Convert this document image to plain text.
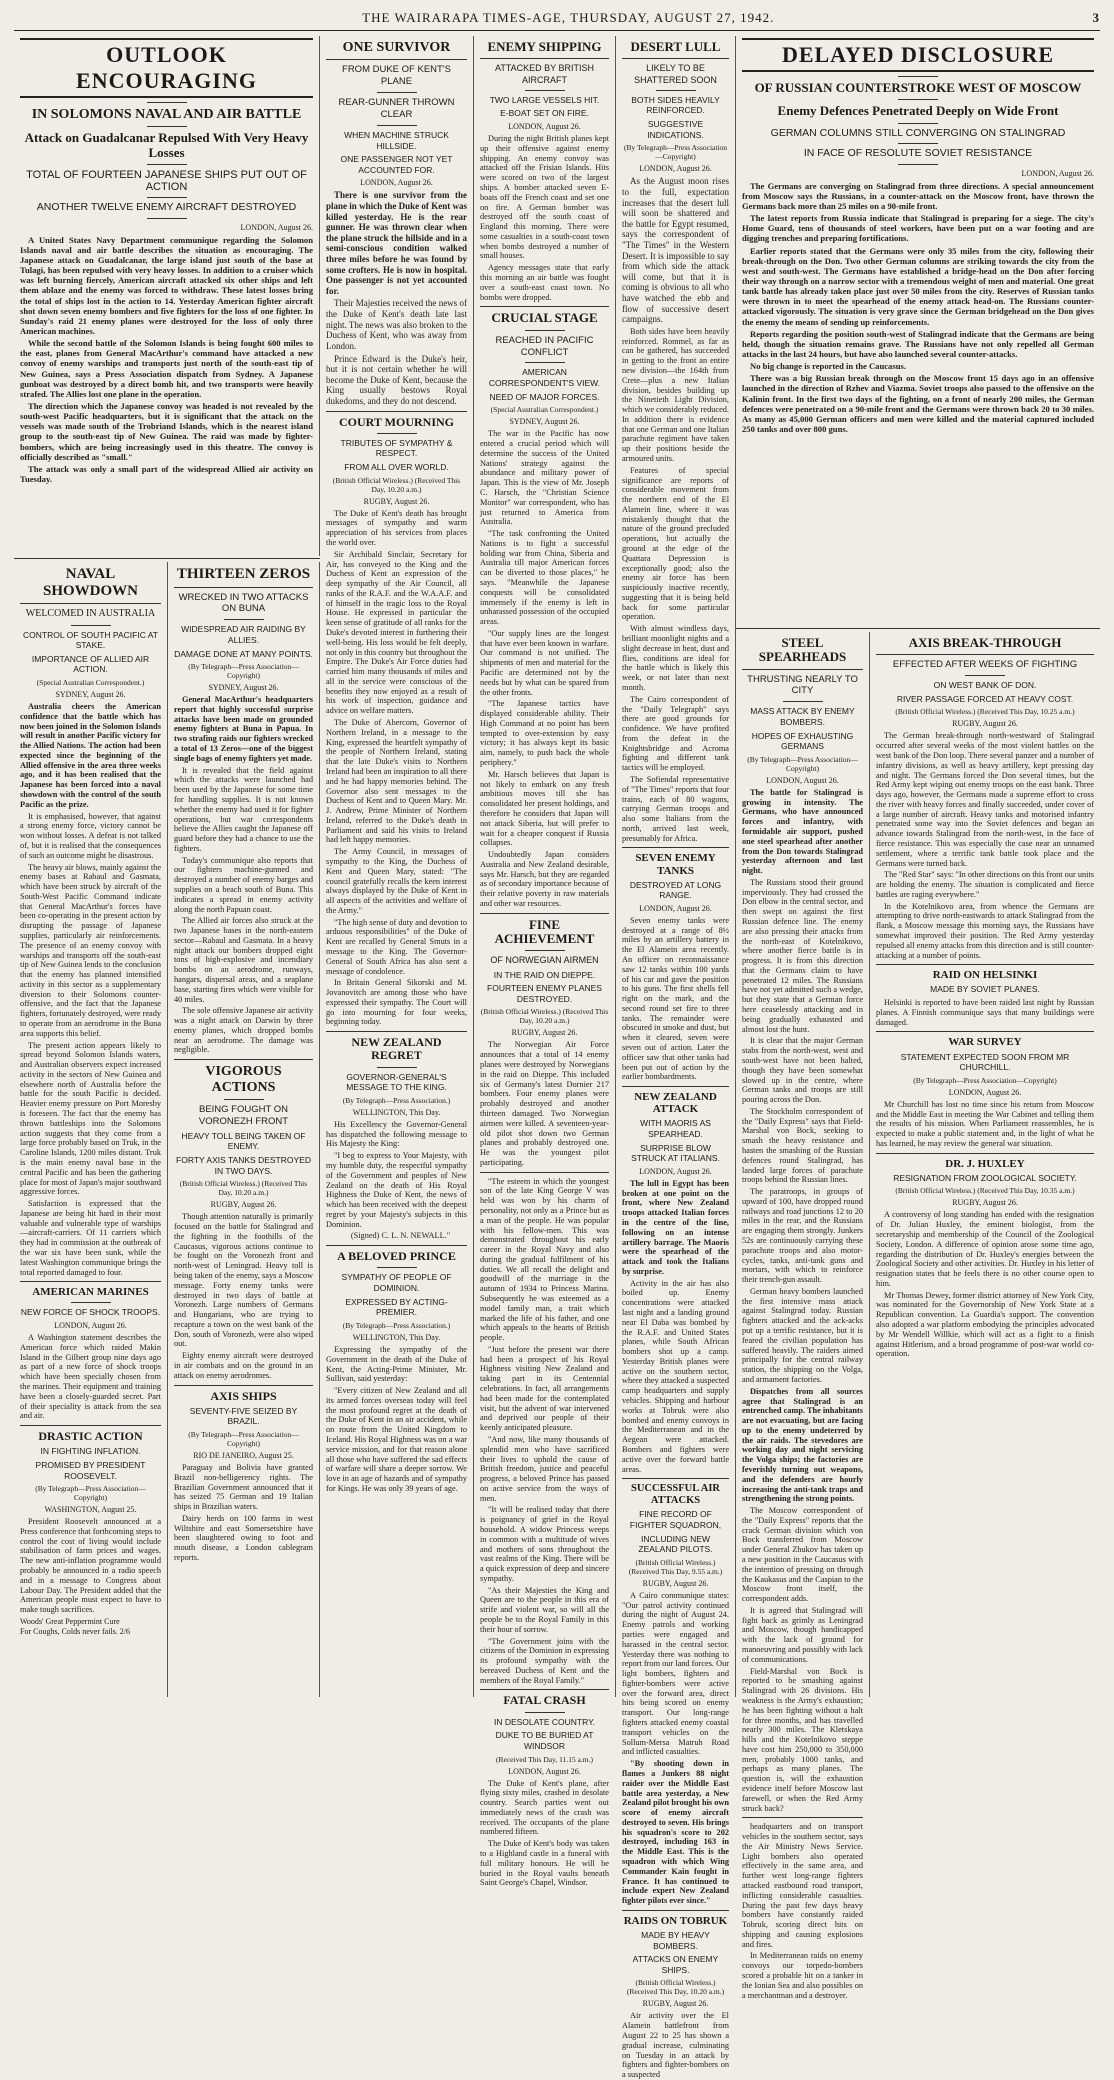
THE WAIRARAPA TIMES-AGE, THURSDAY, AUGUST 27, 1942.	3
OUTLOOK ENCOURAGING
IN SOLOMONS NAVAL AND AIR BATTLE
Attack on Guadalcanar Repulsed With Very Heavy Losses
TOTAL OF FOURTEEN JAPANESE SHIPS PUT OUT OF ACTION
ANOTHER TWELVE ENEMY AIRCRAFT DESTROYED
LONDON, August 26.

A United States Navy Department communique regarding the Solomon Islands naval and air battle describes the situation as encouraging. The Japanese attack on Guadalcanar, the large island just south of the base at Tulagi, has been repulsed with very heavy losses. In addition to a cruiser which was left burning fiercely, American aircraft attacked six other ships and left them ablaze and the enemy was forced to withdraw. These latest losses bring the total of ships lost in the action to 14. Yesterday American fighter aircraft shot down seven enemy bombers and five fighters for the loss of one fighter. In Sunday's raid 21 enemy planes were destroyed for the loss of only three American machines.

While the second battle of the Solomon Islands is being fought 600 miles to the east, planes from General MacArthur's command have attacked a new convoy of enemy warships and transports just north of the south-east tip of New Guinea, says a Press Association dispatch from Sydney. A Japanese gunboat was destroyed by a direct bomb hit, and two transports were heavily strafed. The Allies lost one plane in the operation.

The direction which the Japanese convoy was headed is not revealed by the south-west Pacific headquarters, but it is significant that the attack on the vessels was made south of the Trobriand Islands, which is the nearest island group to the south-east tip of New Guinea. The raid was made by fighter-bombers, which are being increasingly used in this theatre. The convoy is officially described as "small."

The attack was only a small part of the widespread Allied air activity on Tuesday.

NAVAL SHOWDOWN
WELCOMED IN AUSTRALIA
CONTROL OF SOUTH PACIFIC AT STAKE.
IMPORTANCE OF ALLIED AIR ACTION.
(Special Australian Correspondent.)
SYDNEY, August 26.

Australia cheers the American confidence that the battle which has now been joined in the Solomon Islands will result in another Pacific victory for the Allied Nations. The action had been expected since the beginning of the Allied offensive in the area three weeks ago, and it has been realised that the Japanese has been forced into a naval showdown with the control of the south Pacific as the prize.

It is emphasised, however, that against a strong enemy force, victory cannot be won without losses. A defeat is not talked of, but it is realised that the consequences of such an outcome might be disastrous.

The heavy air blows, mainly against the enemy bases at Rabaul and Gasmata, which have been struck by aircraft of the South-West Pacific Command indicate that General MacArthur's forces have been co-operating in the present action by disrupting the passage of Japanese supplies, particularly air reinforcements. The presence of an enemy convoy with warships and transports off the south-east tip of New Guinea lends to the conclusion that the enemy has planned intensified activity in this sector as a supplementary diversion to their Solomons counter-offensive, and the fact that the Japanese fighters, fortunately destroyed, were ready to operate from an aerodrome in the Buna area supports this belief.

The present action appears likely to spread beyond Solomon Islands waters, and Australian observers expect increased activity in the sectors of New Guinea and elsewhere north of Australia before the battle for the south Pacific is decided. Heavier enemy pressure on Port Moresby is foreseen. The fact that the enemy has thrown battleships into the Solomons action suggests that they come from a large force probably based on Truk, in the Caroline Islands, 1200 miles distant. Truk is the main enemy naval base in the central Pacific and has been the gathering place for most of Japan's major southward aggressive forces.

Satisfaction is expressed that the Japanese are being hit hard in their most valuable and vulnerable type of warships—aircraft-carriers. Of 11 carriers which they had in commission at the outbreak of the war six have been sunk, while the latest Washington communique brings the total reported damaged to four.

AMERICAN MARINES
NEW FORCE OF SHOCK TROOPS.
LONDON, August 26.

A Washington statement describes the American force which raided Makin Island in the Gilbert group nine days ago as part of a new force of shock troops which have been specially chosen from the marines. Their equipment and training have been a closely-guarded secret. Part of their speciality is attack from the sea and air.

DRASTIC ACTION
IN FIGHTING INFLATION.
PROMISED BY PRESIDENT ROOSEVELT.
(By Telegraph—Press Association—Copyright)
WASHINGTON, August 25.

President Roosevelt announced at a Press conference that forthcoming steps to control the cost of living would include stabilisation of farm prices and wages. The new anti-inflation programme would probably be announced in a radio speech and in a message to Congress about Labour Day. The President added that the American people must expect to have to make tough sacrifices.

Woods' Great Peppermint Cure
For Coughs, Colds never fails. 2/6
THIRTEEN ZEROS
WRECKED IN TWO ATTACKS ON BUNA
WIDESPREAD AIR RAIDING BY ALLIES.
DAMAGE DONE AT MANY POINTS.
(By Telegraph—Press Association—Copyright)
SYDNEY, August 26.

General MacArthur's headquarters report that highly successful surprise attacks have been made on grounded enemy fighters at Buna in Papua. In two strafing raids our fighters wrecked a total of 13 Zeros—one of the biggest single bags of enemy fighters yet made.

It is revealed that the field against which the attacks were launched had been used by the Japanese for some time for handling supplies. It is not known whether the enemy had used it for fighter operations, but war correspondents believe the Allies caught the Japanese off guard before they had a chance to use the fighters.

Today's communique also reports that our fighters machine-gunned and destroyed a number of enemy barges and supplies on a beach south of Buna. This indicates a spread in enemy activity along the north Papuan coast.

The Allied air forces also struck at the two Japanese bases in the north-eastern sector—Rabaul and Gasmata. In a heavy night attack our bombers dropped eight tons of high-explosive and incendiary bombs on an aerodrome, runways, hangars, dispersal areas, and a seaplane base, starting fires which were visible for 40 miles.

The sole offensive Japanese air activity was a night attack on Darwin by three enemy planes, which dropped bombs near an aerodrome. The damage was negligible.

VIGOROUS ACTIONS
BEING FOUGHT ON VORONEZH FRONT
HEAVY TOLL BEING TAKEN OF ENEMY.
FORTY AXIS TANKS DESTROYED IN TWO DAYS.
(British Official Wireless.) (Received This Day, 10.20 a.m.)
RUGBY, August 26.

Though attention naturally is primarily focused on the battle for Stalingrad and the fighting in the foothills of the Caucasus, vigorous actions continue to be fought on the Voronezh front and north-west of Leningrad. Heavy toll is being taken of the enemy, says a Moscow message. Forty enemy tanks were destroyed in two days of battle at Voronezh. Large numbers of Germans and Hungarians, who are trying to recapture a town on the west bank of the Don, south of Voronezh, were also wiped out.

Eighty enemy aircraft were destroyed in air combats and on the ground in an attack on enemy aerodromes.

AXIS SHIPS
SEVENTY-FIVE SEIZED BY BRAZIL.
(By Telegraph—Press Association—Copyright)
RIO DE JANEIRO, August 25.

Paraguay and Bolivia have granted Brazil non-belligerency rights. The Brazilian Government announced that it has seized 75 German and 19 Italian ships in Brazilian waters.

Dairy herds on 100 farms in west Wiltshire and east Somersetshire have been slaughtered owing to foot and mouth disease, a London cablegram reports.

ONE SURVIVOR
FROM DUKE OF KENT'S PLANE
REAR-GUNNER THROWN CLEAR
WHEN MACHINE STRUCK HILLSIDE.
ONE PASSENGER NOT YET ACCOUNTED FOR.
LONDON, August 26.

There is one survivor from the plane in which the Duke of Kent was killed yesterday. He is the rear gunner. He was thrown clear when the plane struck the hillside and in a semi-conscious condition walked three miles before he was found by some crofters. He is now in hospital. One passenger is not yet accounted for.

Their Majesties received the news of the Duke of Kent's death late last night. The news was also broken to the Duchess of Kent, who was away from London.

Prince Edward is the Duke's heir, but it is not certain whether he will become the Duke of Kent, because the King usually bestows Royal dukedoms, and they do not descend.

COURT MOURNING
TRIBUTES OF SYMPATHY & RESPECT.
FROM ALL OVER WORLD.
(British Official Wireless.) (Received This Day, 10.20 a.m.)
RUGBY, August 26.

The Duke of Kent's death has brought messages of sympathy and warm appreciation of his services from places the world over.

Sir Archibald Sinclair, Secretary for Air, has conveyed to the King and the Duchess of Kent an expression of the deep sympathy of the Air Council, all ranks of the R.A.F. and the W.A.A.F. and of himself in the tragic loss to the Royal House. He expressed in particular the keen sense of gratitude of all ranks for the Duke's devoted interest in furthering their well-being. His loss would be felt deeply, not only in this country but throughout the Empire. The Duke's Air Force duties had carried him many thousands of miles and all in the service were conscious of the benefits they now enjoyed as a result of his work of inspection, guidance and advice on welfare matters.

The Duke of Abercorn, Governor of Northern Ireland, in a message to the King, expressed the heartfelt sympathy of the people of Northern Ireland, stating that the late Duke's visits to Northern Ireland had been an inspiration to all there and he had happy memories behind. The Governor also sent messages to the Duchess of Kent and to Queen Mary. Mr. J. Andrew, Prime Minister of Northern Ireland, referred to the Duke's death in Parliament and said his visits to Ireland had left happy memories.

The Army Council, in messages of sympathy to the King, the Duchess of Kent and Queen Mary, stated: "The council gratefully recalls the keen interest always displayed by the Duke of Kent in all aspects of the activities and welfare of the Army."

"The high sense of duty and devotion to arduous responsibilities" of the Duke of Kent are recalled by General Smuts in a message to the King. The Governor-General of South Africa has also sent a message of condolence.

In Britain General Sikorski and M. Jovanovitch are among those who have expressed their sympathy. The Court will go into mourning for four weeks, beginning today.

NEW ZEALAND REGRET
GOVERNOR-GENERAL'S MESSAGE TO THE KING.
(By Telegraph—Press Association.)
WELLINGTON, This Day.

His Excellency the Governor-General has dispatched the following message to His Majesty the King:

"I beg to express to Your Majesty, with my humble duty, the respectful sympathy of the Government and peoples of New Zealand on the death of His Royal Highness the Duke of Kent, the news of which has been received with the deepest regret by your Majesty's subjects in this Dominion.

(Signed) C. L. N. NEWALL."

A BELOVED PRINCE
SYMPATHY OF PEOPLE OF DOMINION.
EXPRESSED BY ACTING-PREMIER.
(By Telegraph—Press Association.)
WELLINGTON, This Day.

Expressing the sympathy of the Government in the death of the Duke of Kent, the Acting-Prime Minister, Mr. Sullivan, said yesterday:

"Every citizen of New Zealand and all its armed forces overseas today will feel the most profound regret at the death of the Duke of Kent in an air accident, while on route from the United Kingdom to Iceland. His Royal Highness was on a war service mission, and for that reason alone all those who have suffered the sad effects of warfare will share a deeper sorrow. We love in an age of hazards and of sympathy for Kings. He was only 39 years of age.

ENEMY SHIPPING
ATTACKED BY BRITISH AIRCRAFT
TWO LARGE VESSELS HIT.
E-BOAT SET ON FIRE.
LONDON, August 26.

During the night British planes kept up their offensive against enemy shipping. An enemy convoy was attacked off the Frisian Islands. Hits were scored on two of the largest ships. A bomber attacked seven E-boats off the French coast and set one on fire. A German bomber was destroyed off the south coast of England this morning. There were some casualties in a south-coast town when bombs destroyed a number of small houses.

Agency messages state that early this morning an air battle was fought over a south-east coast town. No bombs were dropped.

CRUCIAL STAGE
REACHED IN PACIFIC CONFLICT
AMERICAN CORRESPONDENT'S VIEW.
NEED OF MAJOR FORCES.
(Special Australian Correspondent.)
SYDNEY, August 26.

The war in the Pacific has now entered a crucial period which will determine the success of the United Nations' strategy against the abundance and military power of Japan. This is the view of Mr. Joseph C. Harsch, the "Christian Science Monitor" war correspondent, who has just returned to America from Australia.

"The task confronting the United Nations is to fight a successful holding war from China, Siberia and Australia till major American forces can be diverted to those places," he says. "Meanwhile the Japanese conquests will be consolidated immensely if the enemy is left in unharassed possession of the occupied areas.

"Our supply lines are the longest that have ever been known in warfare. Our command is not unified. The shipments of men and material for the Pacific are determined not by the needs but by what can be spared from the other fronts.

"The Japanese tactics have displayed considerable ability. Their High Command at no point has been tempted to over-extension by easy victory; it has always kept its basic aim, namely, to push back the whole periphery."

Mr. Harsch believes that Japan is not likely to embark on any fresh ambitious moves till she has consolidated her present holdings, and therefore he considers that Japan will not attack Siberia, but will prefer to wait for a cheaper conquest if Russia collapses.

Undoubtedly Japan considers Australia and New Zealand desirable, says Mr. Harsch, but they are regarded as of secondary importance because of their relative poverty in raw materials and other war resources.

FINE ACHIEVEMENT
OF NORWEGIAN AIRMEN
IN THE RAID ON DIEPPE.
FOURTEEN ENEMY PLANES DESTROYED.
(British Official Wireless.) (Received This Day, 10.20 a.m.)
RUGBY, August 26.

The Norwegian Air Force announces that a total of 14 enemy planes were destroyed by Norwegians in the raid on Dieppe. This included six of Germany's latest Dornier 217 bombers. Four enemy planes were probably destroyed and another thirteen damaged. Two Norwegian airmen were killed. A seventeen-year-old pilot shot down two German planes and probably destroyed one. He was the youngest pilot participating.

"The esteem in which the youngest son of the late King George V was held was won by his charm of personality, not only as a Prince but as a man of the people. He was popular with his fellow-men. This was demonstrated throughout his early career in the Royal Navy and also during the gradual fulfilment of his duties. We all recall the delight and goodwill of the marriage in the autumn of 1934 to Princess Marina. Subsequently he was esteemed as a model family man, a trait which marked the life of his father, and one which appeals to the hearts of British people.

"Just before the present war there had been a prospect of his Royal Highness visiting New Zealand and taking part in its Centennial celebrations. In fact, all arrangements had been made for the contemplated visit, but the advent of war intervened and deprived our people of their keenly anticipated pleasure.

"And now, like many thousands of splendid men who have sacrificed their lives to uphold the cause of British freedom, justice and peaceful progress, a beloved Prince has passed on active service from the ways of men.

"It will be realised today that there is poignancy of grief in the Royal household. A widow Princess weeps in common with a multitude of wives and mothers of sons throughout the vast realms of the King. There will be a quick expression of deep and sincere sympathy.

"As their Majesties the King and Queen are to the people in this era of strife and violent war, so will all the people be to the Royal Family in this their hour of sorrow.

"The Government joins with the citizens of the Dominion in expressing its profound sympathy with the bereaved Duchess of Kent and the members of the Royal Family."

FATAL CRASH
IN DESOLATE COUNTRY.
DUKE TO BE BURIED AT WINDSOR
(Received This Day, 11.15 a.m.)
LONDON, August 26.

The Duke of Kent's plane, after flying sixty miles, crashed in desolate country. Search parties went out immediately news of the crash was received. The occupants of the plane numbered fifteen.

The Duke of Kent's body was taken to a Highland castle in a funeral with full military honours. He will be buried in the Royal vaults beneath Saint George's Chapel, Windsor.

DESERT LULL
LIKELY TO BE SHATTERED SOON
BOTH SIDES HEAVILY REINFORCED.
SUGGESTIVE INDICATIONS.
(By Telegraph—Press Association—Copyright)
LONDON, August 26.

As the August moon rises to the full, expectation increases that the desert lull will soon be shattered and the battle for Egypt resumed, says the correspondent of "The Times" in the Western Desert. It is impossible to say from which side the attack will come, but that it is coming is obvious to all who have watched the ebb and flow of successive desert campaigns.

Both sides have been heavily reinforced. Rommel, as far as can be gathered, has succeeded in getting to the front an entire new division—the 164th from Crete—plus a new Italian division, besides building up the Ninetieth Light Division, which we considerably reduced. In addition there is evidence that one German and one Italian parachute regiment have taken up their positions beside the armoured units.

Features of special significance are reports of considerable movement from the northern end of the El Alamein line, where it was mistakenly thought that the nature of the ground precluded operations, but actually the ground at the edge of the Quattara Depression is exceptionally good; also the enemy air force has been suspiciously inactive recently, suggesting that it is being held back for some particular operation.

With almost windless days, brilliant moonlight nights and a slight decrease in heat, dust and flies, conditions are ideal for the battle which is likely this week, or not later than next month.

The Cairo correspondent of the "Daily Telegraph" says there are good grounds for confidence. We have profited from the defeat in the Knightsbridge and Acroma fighting and different tank tactics will be employed.

The Sofiendal representative of "The Times" reports that four trains, each of 80 wagons, carrying German troops and also some Italians from the north, arrived last week, presumably for Africa.

SEVEN ENEMY TANKS
DESTROYED AT LONG RANGE.
LONDON, August 26.

Seven enemy tanks were destroyed at a range of 8½ miles by an artillery battery in the El Alamein area recently. An officer on reconnaissance saw 12 tanks within 100 yards of his car and gave the position to his guns. The first shells fell right on the mark, and the second round set fire to three tanks. The remainder were obscured in smoke and dust, but when it cleared, seven were seven out of action. Later the officer saw that other tanks had been put out of action by the earlier bombardments.

NEW ZEALAND ATTACK
WITH MAORIS AS SPEARHEAD.
SURPRISE BLOW STRUCK AT ITALIANS.
LONDON, August 26.

The lull in Egypt has been broken at one point on the front, where New Zealand troops attacked Italian forces in the centre of the line, following on an intense artillery barrage. The Maoris were the spearhead of the attack and took the Italians by surprise.

Activity in the air has also boiled up. Enemy concentrations were attacked last night and a landing ground near El Daba was bombed by the R.A.F. and United States planes, while South African bombers shot up a camp. Yesterday British planes were active on the southern sector, where they attacked a suspected camp headquarters and supply vehicles. Shipping and harbour works at Tobruk were also bombed and enemy convoys in the Mediterranean and in the Aegean were attacked. Bombers and fighters were active over the forward battle areas.

SUCCESSFUL AIR ATTACKS
FINE RECORD OF FIGHTER SQUADRON,
INCLUDING NEW ZEALAND PILOTS.
(British Official Wireless.) (Received This Day, 9.55 a.m.)
RUGBY, August 26.

A Cairo communique states: "Our patrol activity continued during the night of August 24. Enemy patrols and working parties were engaged and harassed in the central sector. Yesterday there was nothing to report from our land forces. Our light bombers, fighters and fighter-bombers were active over the forward area, direct hits being scored on enemy transport. Our long-range fighters attacked enemy coastal transport vehicles on the Sollum-Mersa Matruh Road and inflicted casualties.

"By shooting down in flames a Junkers 88 night raider over the Middle East battle area yesterday, a New Zealand pilot brought his own score of enemy aircraft destroyed to seven. His brings his squadron's score to 202 destroyed, including 163 in the Middle East. This is the squadron with which Wing Commander Kain fought in France. It has continued to include expert New Zealand fighter pilots ever since."

RAIDS ON TOBRUK
MADE BY HEAVY BOMBERS.
ATTACKS ON ENEMY SHIPS.
(British Official Wireless.) (Received This Day, 10.20 a.m.)
RUGBY, August 26.

Air activity over the El Alamein battlefront from August 22 to 25 has shown a gradual increase, culminating on Tuesday in an attack by fighters and fighter-bombers on a suspected

DELAYED DISCLOSURE
OF RUSSIAN COUNTERSTROKE WEST OF MOSCOW
Enemy Defences Penetrated Deeply on Wide Front
GERMAN COLUMNS STILL CONVERGING ON STALINGRAD
IN FACE OF RESOLUTE SOVIET RESISTANCE
LONDON, August 26.

The Germans are converging on Stalingrad from three directions. A special announcement from Moscow says the Russians, in a counter-attack on the Moscow front, have thrown the Germans back more than 25 miles on a 90-mile front.

The latest reports from Russia indicate that Stalingrad is preparing for a siege. The city's Home Guard, tens of thousands of steel workers, have been put on a war footing and are digging trenches and preparing fortifications.

Earlier reports stated that the Germans were only 35 miles from the city, following their break-through on the Don. Two other German columns are striking towards the city from the west and south-west. The Germans have established a bridge-head on the Don after forcing their way through on a narrow sector with a tremendous weight of men and material. One great tank battle has already taken place just over 50 miles from the city. Reserves of Russian tanks were thrown in to meet the spearhead of the enemy attack head-on. The Russians counter-attacked vigorously. The situation is very grave since the German bridgehead on the Don gives the enemy the means of sending up reinforcements.

Reports regarding the position south-west of Stalingrad indicate that the Germans are being held, though the situation remains grave. The Russians have not only repelled all German attacks in the last 24 hours, but have also launched several counter-attacks.

No big change is reported in the Caucasus.

There was a big Russian break through on the Moscow front 15 days ago in an offensive launched in the direction of Rzhev and Viazma. Soviet troops also passed to the offensive on the Kalinin front. In the first two days of the fighting, on a front of nearly 200 miles, the German defences were penetrated on a 90-mile front and the Germans were thrown back 20 to 30 miles. As many as 45,000 German officers and men were killed and the material captured included 250 tanks and over 800 guns.

STEEL SPEARHEADS
THRUSTING NEARLY TO CITY
MASS ATTACK BY ENEMY BOMBERS.
HOPES OF EXHAUSTING GERMANS
(By Telegraph—Press Association—Copyright)
LONDON, August 26.

The battle for Stalingrad is growing in intensity. The Germans, who have announced forces and infantry, with formidable air support, pushed one steel spearhead after another from the Don towards Stalingrad yesterday afternoon and last night.

The Russians stood their ground imperviously. They had crossed the Don elbow in the central sector, and then swept on against the first Russian defence line. The enemy are also pressing their attacks from the north-east of Kotelnikovo, where another fierce battle is in progress. It is from this direction that the Germans claim to have penetrated 12 miles. The Russians have not yet admitted such a wedge, but they state that a German force here ceaselessly attacking and in being gradually exhausted and almost lost the hunt.

It is clear that the major German stabs from the north-west, west and south-west have not been halted, though they have been somewhat slowed up in the centre, where German tanks and troops are still pouring across the Don.

The Stockholm correspondent of the "Daily Express" says that Field-Marshal von Bock, seeking to smash the heavy resistance and hasten the smashing of the Russian defences round Stalingrad, has landed large forces of parachute troops behind the Russian lines.

The paratroops, in groups of upward of 100, have dropped round railways and road junctions 12 to 20 miles in the rear, and the Russians are engaging them strongly. Junkers 52s are continuously carrying these parachute troops and also motor-cycles, tanks, anti-tank guns and mortars, with which to reinforce their trench-gun assault.

German heavy bombers launched the first intensive mass attack against Stalingrad today. Russian fighters attacked and the ack-acks put up a terrific resistance, but it is feared the civilian population has suffered heavily. The raiders aimed principally for the central railway station, the shipping on the Volga, and armament factories.

Dispatches from all sources agree that Stalingrad is an entrenched camp. The inhabitants are not evacuating, but are facing up to the enemy undeterred by the air raids. The stevedores are working day and night servicing the Volga ships; the factories are feverishly turning out weapons, and the defenders are hourly increasing the anti-tank traps and strengthening the strong points.

The Moscow correspondent of the "Daily Express" reports that the crack German division which von Bock transferred from Moscow under General Zhukov has taken up a new position in the Caucasus with the intention of pressing on through the Kaukasus and the Caspian to the Moscow front itself, the correspondent adds.

It is agreed that Stalingrad will fight back as grimly as Leningrad and Moscow, though handicapped with the lack of ground for manoeuvring and possibly with lack of communications.

Field-Marshal von Bock is reported to be smashing against Stalingrad with 26 divisions. His weakness is the Army's exhaustion; he has been fighting without a halt for three months, and has travelled nearly 300 miles. The Kletskaya hills and the Kotelnikovo steppe have cost him 250,000 to 350,000 men, probably 1000 tanks, and perhaps as many planes. The question is, will the exhaustion evidence itself before Moscow last farewell, or when the Red Army struck back?

headquarters and on transport vehicles in the southern sector, says the Air Ministry News Service. Light bombers also operated effectively in the same area, and further west long-range fighters attacked eastbound road transport, inflicting considerable casualties. During the past few days heavy bombers have constantly raided Tobruk, scoring direct hits on shipping and causing explosions and fires.

In Mediterranean raids on enemy convoys our torpedo-bombers scored a probable hit on a tanker in the Ionian Sea and also possibles on a merchantman and a destroyer.

AXIS BREAK-THROUGH
EFFECTED AFTER WEEKS OF FIGHTING
ON WEST BANK OF DON.
RIVER PASSAGE FORCED AT HEAVY COST.
(British Official Wireless.) (Received This Day, 10.25 a.m.)
RUGBY, August 26.

The German break-through north-westward of Stalingrad occurred after several weeks of the most violent battles on the west bank of the Don loop. There several panzer and a number of infantry divisions, as well as heavy artillery, kept pressing day and night. The Germans forced the Don several times, but the Red Army kept wiping out enemy troops on the east bank. Three days ago, however, the Germans made a supreme effort to cross the river with heavy forces and finally succeeded, under cover of a large number of aircraft. Heavy tanks and motorised infantry penetrated some way into the Soviet defences and began an advance towards Stalingrad from the north-west, in the face of fierce resistance. This was especially the case near an unnamed settlement, where a terrific tank battle took place and the Germans were turned back.

The "Red Star" says: "In other directions on this front our units are holding the enemy. The situation is complicated and fierce battles are raging everywhere."

In the Kotelnikovo area, from whence the Germans are attempting to drive north-eastwards to attack Stalingrad from the flank, a Moscow message this morning says, the Russians have somewhat improved their position. The Red Army yesterday repulsed all enemy attacks from this direction and is still counter-attacking at a number of points.

RAID ON HELSINKI
MADE BY SOVIET PLANES.

Helsinki is reported to have been raided last night by Russian planes. A Finnish communique says that many buildings were damaged.

WAR SURVEY
STATEMENT EXPECTED SOON FROM MR CHURCHILL.
(By Telegraph—Press Association—Copyright)
LONDON, August 26.

Mr Churchill has lost no time since his return from Moscow and the Middle East in meeting the War Cabinet and telling them the results of his mission. When Parliament reassembles, he is expected to make a public statement and, in the light of what he has learned, he may review the general war situation.

DR. J. HUXLEY
RESIGNATION FROM ZOOLOGICAL SOCIETY.
(British Official Wireless.) (Received This Day, 10.35 a.m.)
RUGBY, August 26.

A controversy of long standing has ended with the resignation of Dr. Julian Huxley, the eminent biologist, from the secretaryship and membership of the Council of the Zoological Society, London. A difference of opinion arose some time ago, regarding the distribution of Dr. Huxley's energies between the Zoological Society and other activities. Dr. Huxley in his letter of resignation states that he feels there is no other course open to him.

Mr Thomas Dewey, former district attorney of New York City, was nominated for the Governorship of New York State at a Republican convention. La Guardia's support. The convention also adopted a war platform embodying the principles advocated by Mr Wendell Willkie, which will act as a fight to a finish against Hitlerism, and a broad programme of post-war world co-operation.
